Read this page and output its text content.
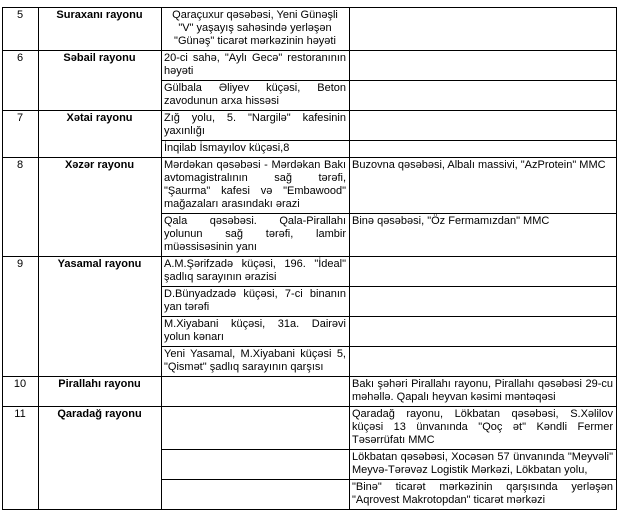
5	Suraxanı rayonu	Qaraçuxur qəsəbəsi, Yeni Günəşli "V" yaşayış sahəsində yerləşən "Günəş" ticarət mərkəzinin həyəti	
6	Səbail rayonu	20-ci sahə, "Aylı Gecə" restoranının həyəti	
		Gülbala Əliyev küçəsi, Beton zavodunun arxa hissəsi	
7	Xətai rayonu	Zığ yolu, 5. "Nargilə" kafesinin yaxınlığı	
		İnqilab İsmayılov küçəsi,8	
8	Xəzər rayonu	Mərdəkan qəsəbəsi - Mərdəkan Bakı avtomagistralının sağ tərəfi, "Şaurma" kafesi və "Embawood" mağazaları arasındakı ərazi	Buzovna qəsəbəsi, Albalı massivi, "AzProtein" MMC
		Qala qəsəbəsi. Qala-Pirallahı yolunun sağ tərəfi, lambir müəssisəsinin yanı	Binə qəsəbəsi, "Öz Fermamızdan" MMC
9	Yasamal rayonu	A.M.Şərifzadə küçəsi, 196. "İdeal" şadlıq sarayının ərazisi	
		D.Bünyadzadə küçəsi, 7-ci binanın yan tərəfi	
		M.Xiyabani küçəsi, 31a. Dairəvi yolun kənarı	
		Yeni Yasamal, M.Xiyabani küçəsi 5, "Qismət" şadlıq sarayının qarşısı	
10	Pirallahı rayonu		Bakı şəhəri Pirallahı rayonu, Pirallahı qəsəbəsi 29-cu məhəllə. Qapalı heyvan kəsimi məntəqəsi
11	Qaradağ rayonu		Qaradağ rayonu, Lökbatan qəsəbəsi, S.Xəlilov küçəsi 13 ünvanında "Qoç ət" Kəndli Fermer Təsərrüfatı MMC
			Lökbatan qəsəbəsi, Xocəsən 57 ünvanında "Meyvəli" Meyvə-Tərəvəz Logistik Mərkəzi, Lökbatan yolu,
			"Binə" ticarət mərkəzinin qarşısında yerləşən "Aqrovest Makrotopdan" ticarət mərkəzi
